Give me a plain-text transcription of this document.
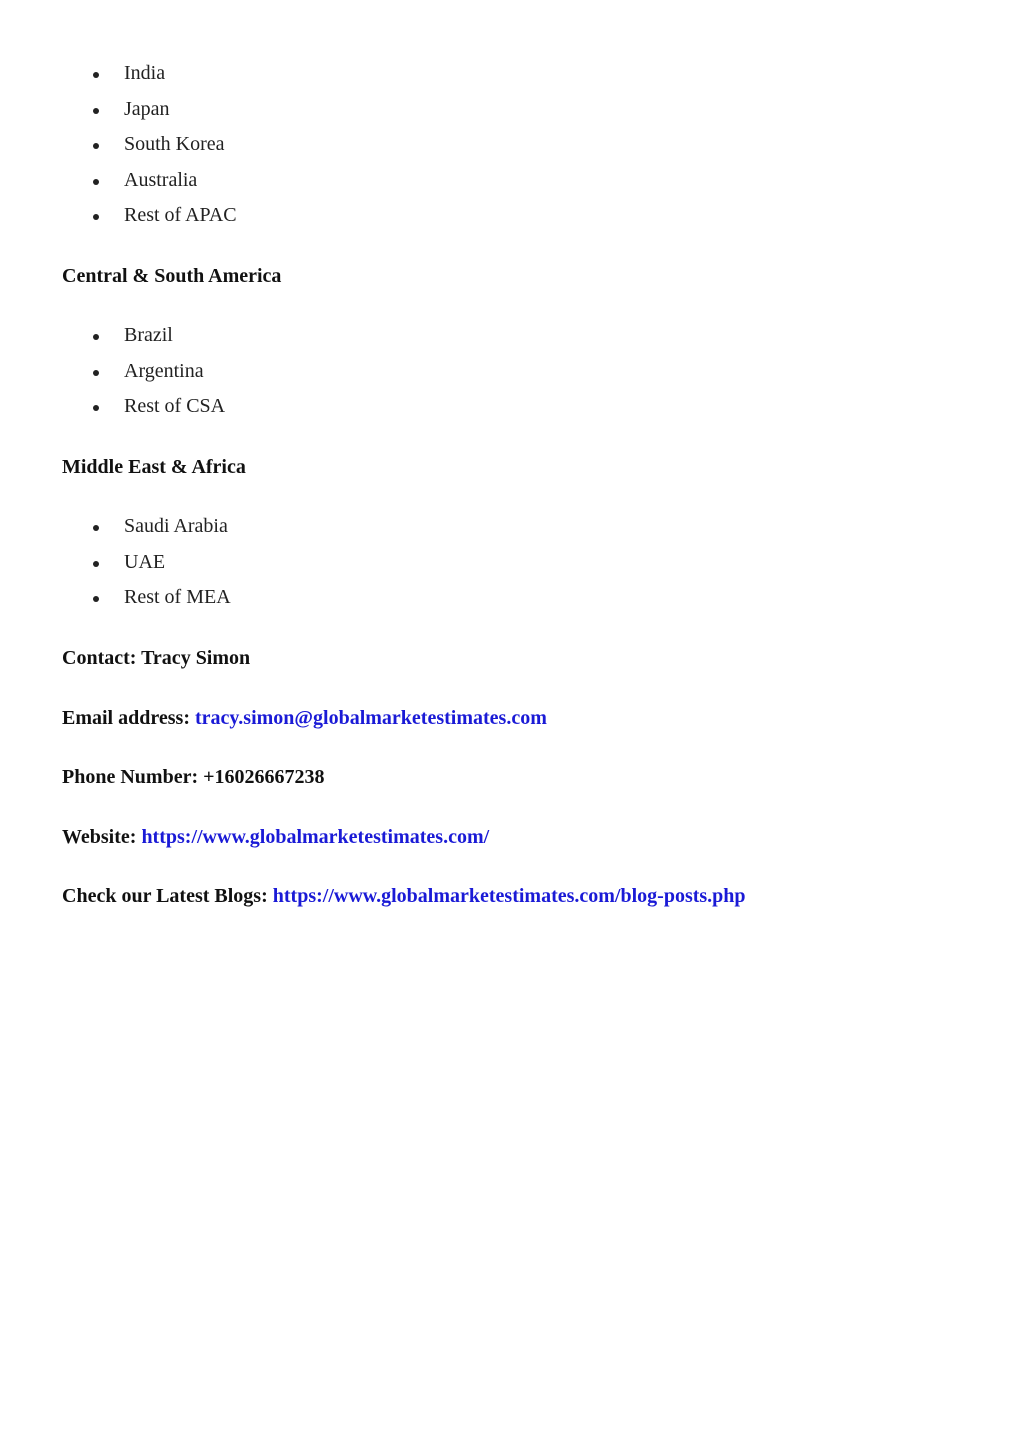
India
Japan
South Korea
Australia
Rest of APAC
Central & South America
Brazil
Argentina
Rest of CSA
Middle East & Africa
Saudi Arabia
UAE
Rest of MEA
Contact: Tracy Simon
Email address: tracy.simon@globalmarketestimates.com
Phone Number: +16026667238
Website: https://www.globalmarketestimates.com/
Check our Latest Blogs: https://www.globalmarketestimates.com/blog-posts.php
